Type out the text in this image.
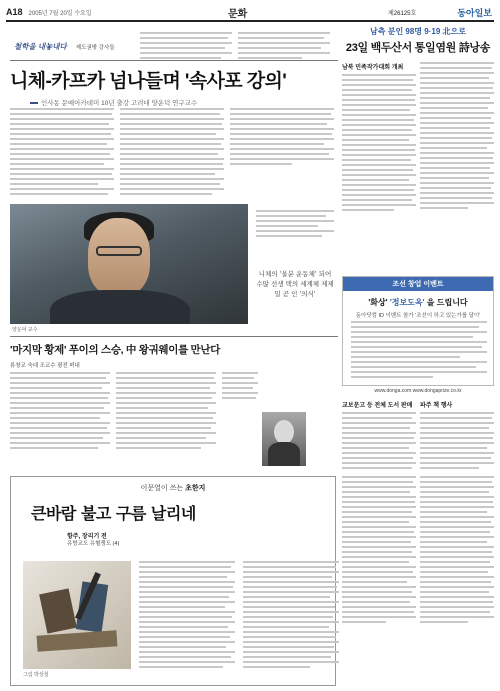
A18 2005년 7월 20일 수요일	문화	제26125호	동아일보
철학을 내놓내다 제도권밖 강사들
남측 분인 98명 9·19 北으로
23일 백두산서 통일염원 詩낭송
니체-카프카 넘나들며 '속사포 강의'
인사동 문예아카데미 10년 출강 고려대 양운덕 연구교수
양운덕 교수
니체의 '울분 운동체' 되어 수많 선생 택의 세계체 제제 밀 곧 인 '의식'
남북 민족작가대회 개최
조선 창업 이벤트
'화상' '정보도옥' 을 드립니다
동아닷컴 ID 이벤트 참가 '조선이 하고 있는가를 달이'
www.donga.com www.dongaprize.co.kr
'마지막 황제' 푸이의 스승, 中 왕궈웨이를 만난다
류창교 숙대 조교수 평전 펴내
교보문고 등 전체 도서 판매	파주 책 행사
이문열이 쓰는 초한지
큰바람 불고 구름 날리네
항주, 장리기 전
유방교도 유혈쟁도 (4)
그림 박상철
